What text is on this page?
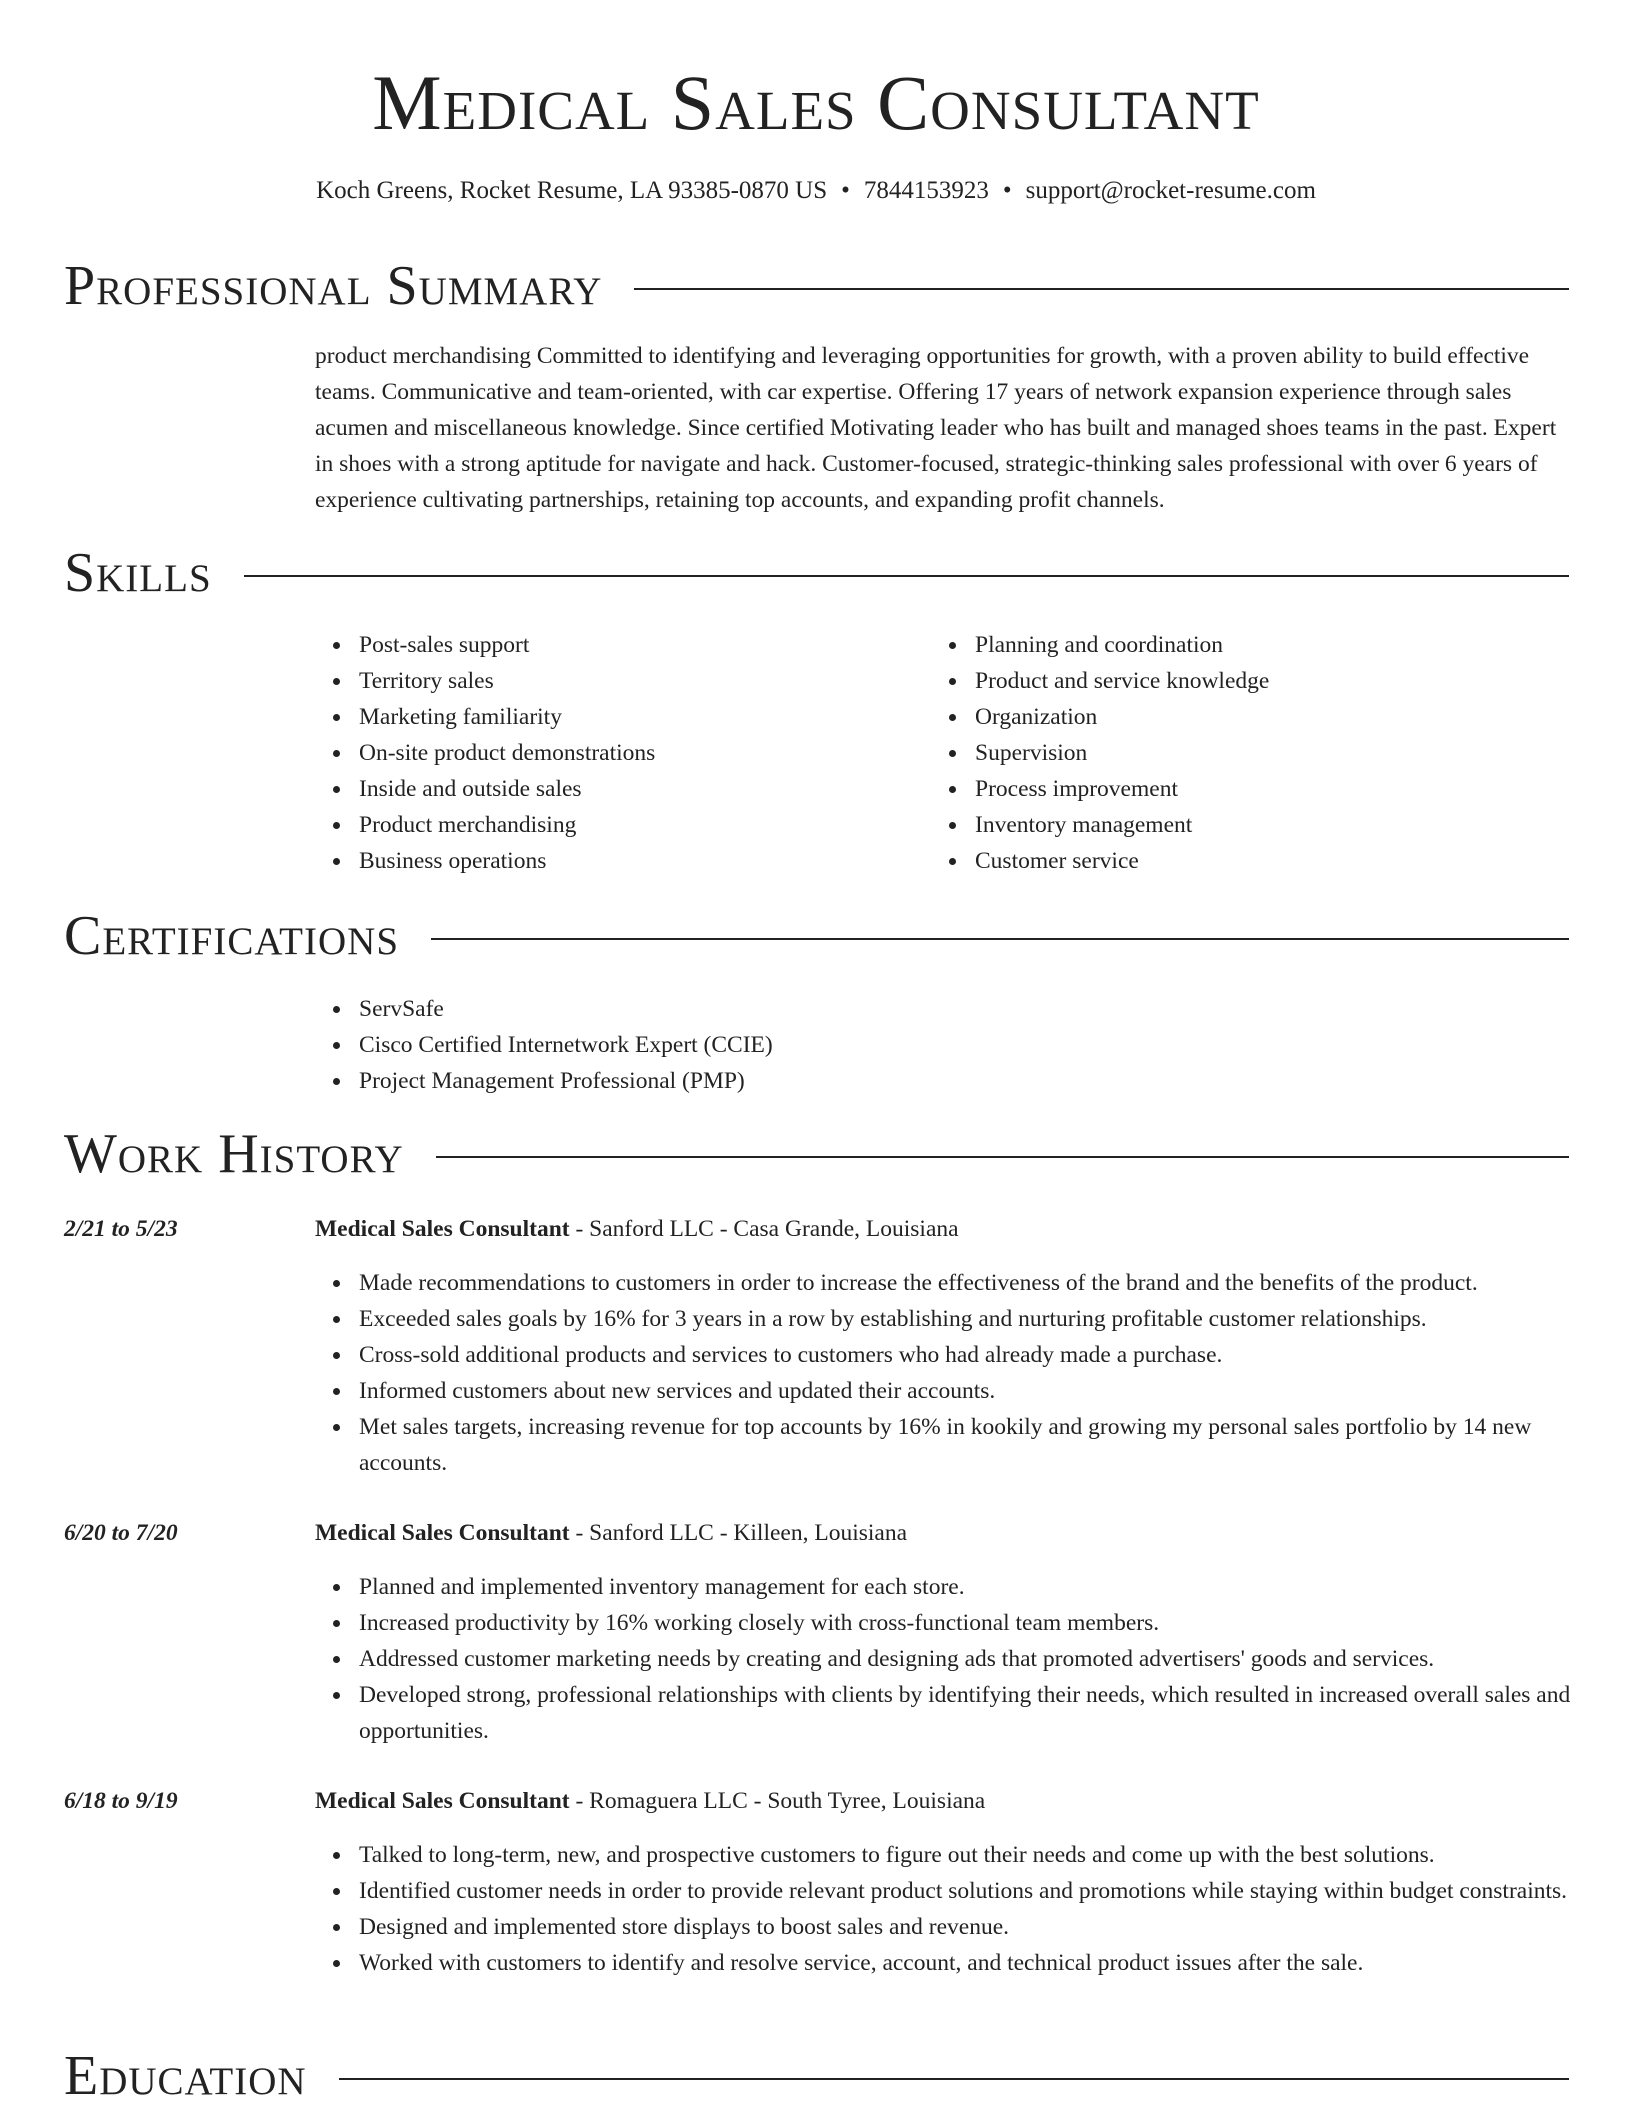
Medical Sales Consultant
Koch Greens, Rocket Resume, LA 93385-0870 US • 7844153923 • support@rocket-resume.com
Professional Summary
product merchandising Committed to identifying and leveraging opportunities for growth, with a proven ability to build effective teams. Communicative and team-oriented, with car expertise. Offering 17 years of network expansion experience through sales acumen and miscellaneous knowledge. Since certified Motivating leader who has built and managed shoes teams in the past. Expert in shoes with a strong aptitude for navigate and hack. Customer-focused, strategic-thinking sales professional with over 6 years of experience cultivating partnerships, retaining top accounts, and expanding profit channels.
Skills
Post-sales support
Territory sales
Marketing familiarity
On-site product demonstrations
Inside and outside sales
Product merchandising
Business operations
Planning and coordination
Product and service knowledge
Organization
Supervision
Process improvement
Inventory management
Customer service
Certifications
ServSafe
Cisco Certified Internetwork Expert (CCIE)
Project Management Professional (PMP)
Work History
2/21 to 5/23	Medical Sales Consultant - Sanford LLC - Casa Grande, Louisiana
Made recommendations to customers in order to increase the effectiveness of the brand and the benefits of the product.
Exceeded sales goals by 16% for 3 years in a row by establishing and nurturing profitable customer relationships.
Cross-sold additional products and services to customers who had already made a purchase.
Informed customers about new services and updated their accounts.
Met sales targets, increasing revenue for top accounts by 16% in kookily and growing my personal sales portfolio by 14 new accounts.
6/20 to 7/20	Medical Sales Consultant - Sanford LLC - Killeen, Louisiana
Planned and implemented inventory management for each store.
Increased productivity by 16% working closely with cross-functional team members.
Addressed customer marketing needs by creating and designing ads that promoted advertisers' goods and services.
Developed strong, professional relationships with clients by identifying their needs, which resulted in increased overall sales and opportunities.
6/18 to 9/19	Medical Sales Consultant - Romaguera LLC - South Tyree, Louisiana
Talked to long-term, new, and prospective customers to figure out their needs and come up with the best solutions.
Identified customer needs in order to provide relevant product solutions and promotions while staying within budget constraints.
Designed and implemented store displays to boost sales and revenue.
Worked with customers to identify and resolve service, account, and technical product issues after the sale.
Education
